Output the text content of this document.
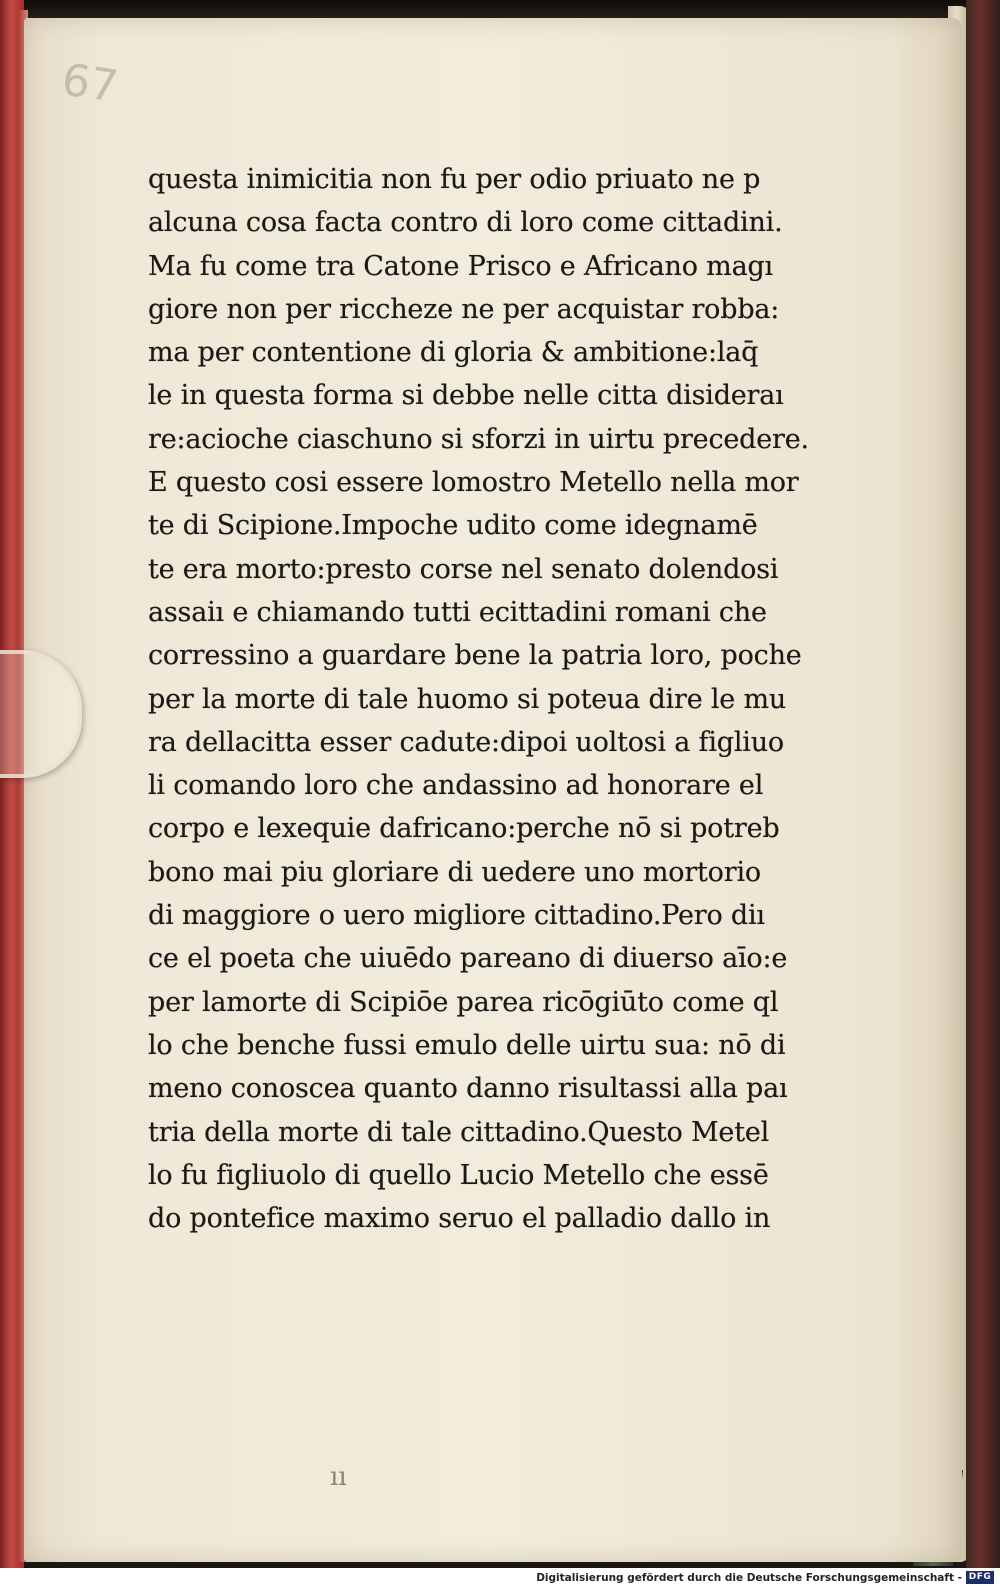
67
questa inimicitia non fu per odio priuato ne p
alcuna cosa facta contro di loro come cittadini.
Ma fu come tra Catone Prisco e Africano magı
giore non per riccheze ne per acquistar robba:
ma per contentione di gloria & ambitione:laq̄
le in questa forma si debbe nelle citta disideraı
re:acioche ciaschuno si sforzi in uirtu precedere.
E questo cosi essere lomostro Metello nella mor
te di Scipione.Impoche udito come idegnamē
te era morto:presto corse nel senato dolendosi
assaiı e chiamando tutti ecittadini romani che
corressino a guardare bene la patria loro, poche
per la morte di tale huomo si poteua dire le mu
ra dellacitta esser cadute:dipoi uoltosi a figliuo
li comando loro che andassino ad honorare el
corpo e lexequie dafricano:perche nō si potreb
bono mai piu gloriare di uedere uno mortorio
di maggiore o uero migliore cittadino.Pero diı
ce el poeta che uiuēdo pareano di diuerso aīo:e
per lamorte di Scipiōe parea ricōgiūto come ql
lo che benche fussi emulo delle uirtu sua: nō di
meno conoscea quanto danno risultassi alla paı
tria della morte di tale cittadino.Questo Metel
lo fu figliuolo di quello Lucio Metello che essē
do pontefice maximo seruo el palladio dallo in
ıı
Digitalisierung gefördert durch die Deutsche Forschungsgemeinschaft - DFG
